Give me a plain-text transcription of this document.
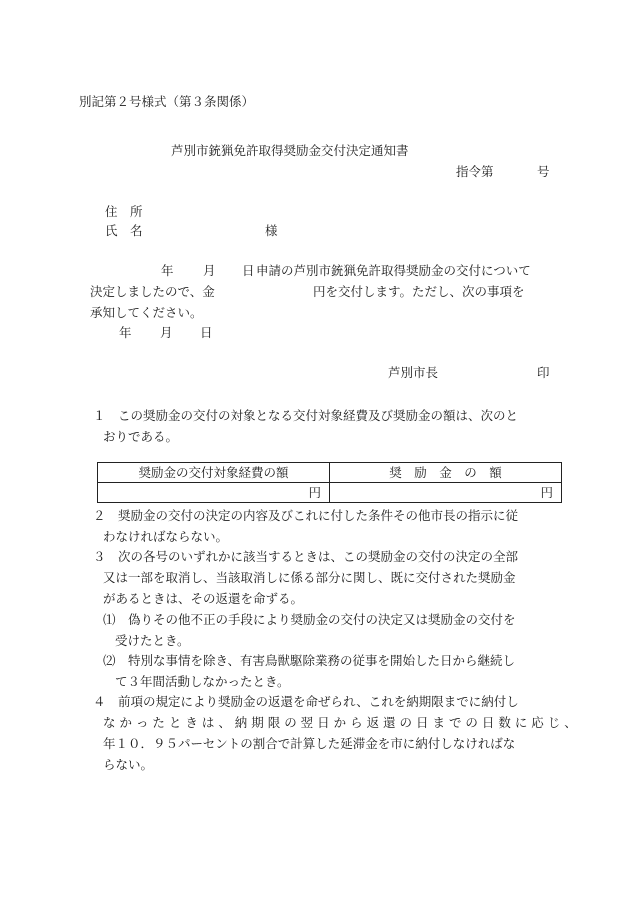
別記第２号様式（第３条関係）
芦別市銃猟免許取得奨励金交付決定通知書
指令第	号
住　所
氏　名	様
年 月 日 申請の芦別市銃猟免許取得奨励金の交付について
決定しましたので、金	円を交付します。ただし、次の事項を
承知してください。
年 月 日
芦別市長	印
１　この奨励金の交付の対象となる交付対象経費及び奨励金の額は、次のと
おりである。
奨励金の交付対象経費の額	奨　励　金　の　額
円	円
２　奨励金の交付の決定の内容及びこれに付した条件その他市長の指示に従
わなければならない。
３　次の各号のいずれかに該当するときは、この奨励金の交付の決定の全部
又は一部を取消し、当該取消しに係る部分に関し、既に交付された奨励金
があるときは、その返還を命ずる。
⑴　偽りその他不正の手段により奨励金の交付の決定又は奨励金の交付を
受けたとき。
⑵　特別な事情を除き、有害鳥獣駆除業務の従事を開始した日から継続し
て３年間活動しなかったとき。
４　前項の規定により奨励金の返還を命ぜられ、これを納期限までに納付し
な か っ た と き は 、 納 期 限 の 翌 日 か ら 返 還 の 日 ま で の 日 数 に 応 じ 、
年１０．９５パーセントの割合で計算した延滞金を市に納付しなければな
らない。
